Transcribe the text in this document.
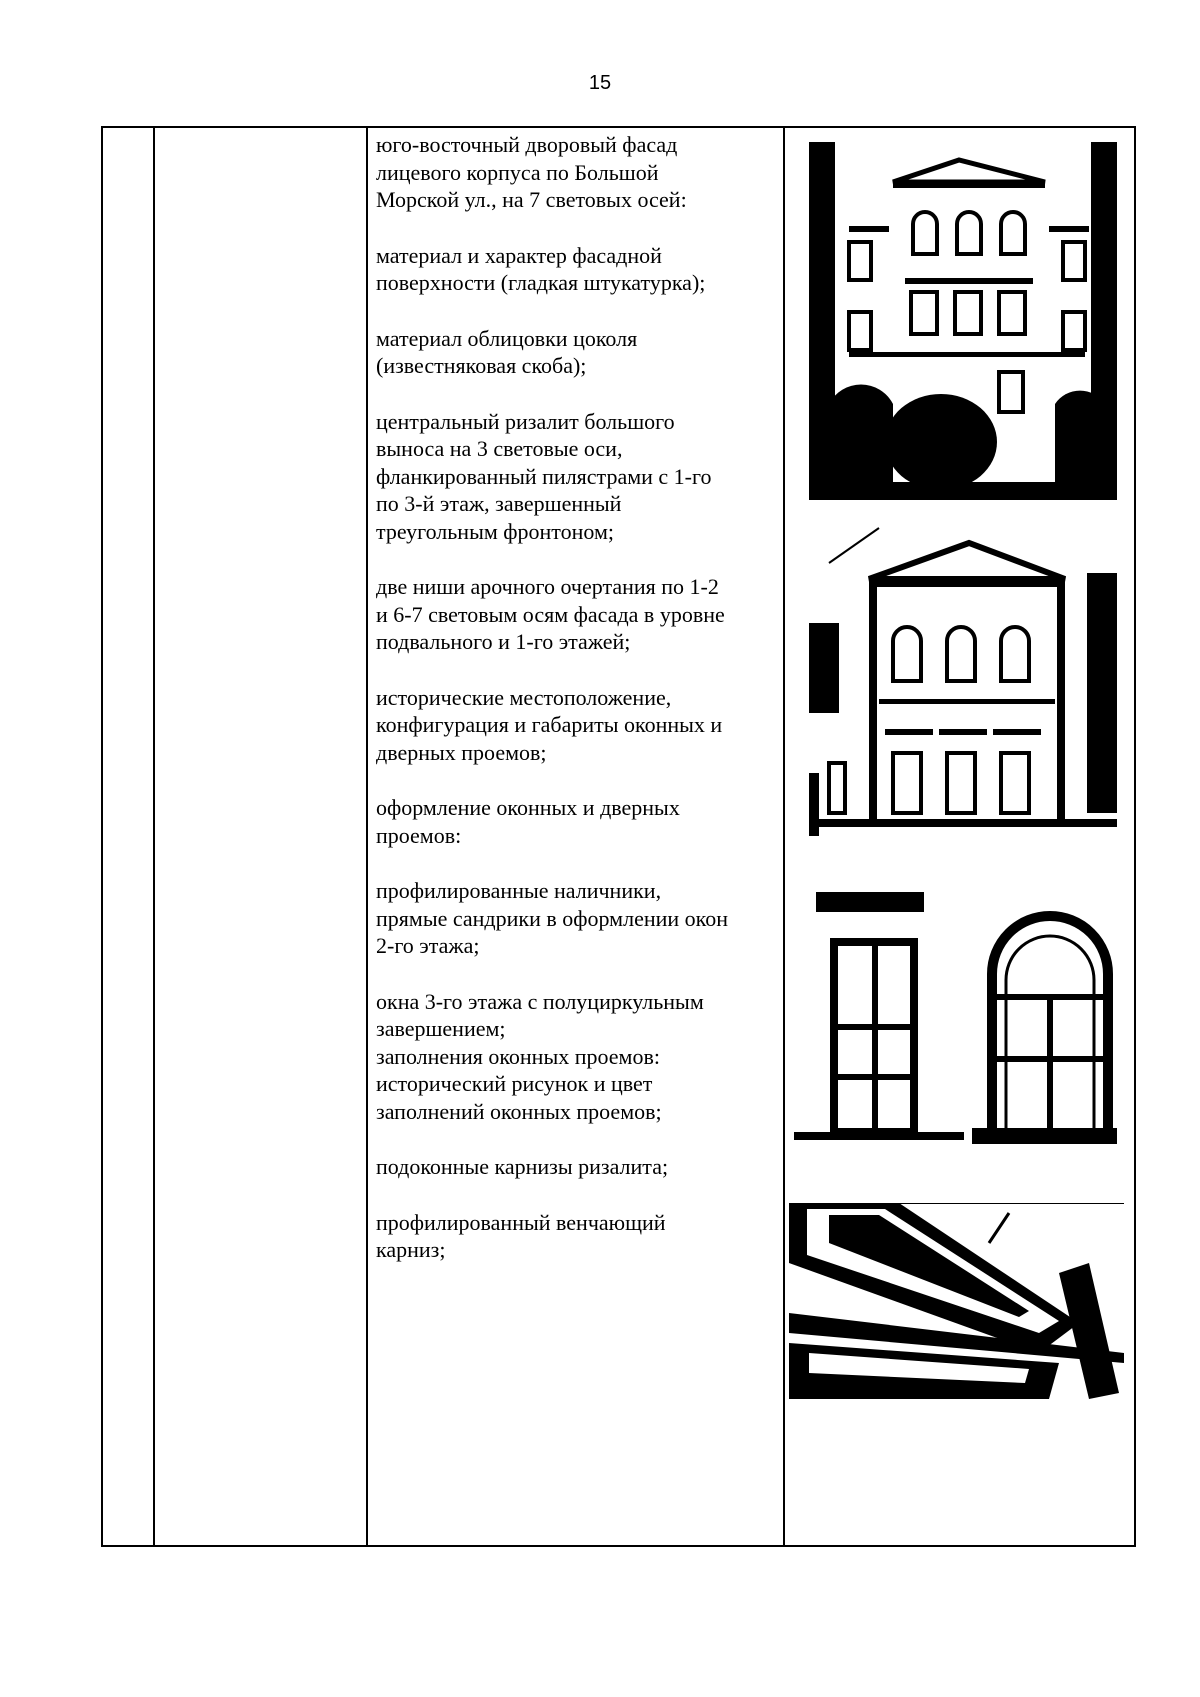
15

юго-восточный дворовый фасад
лицевого корпуса по Большой
Морской ул., на 7 световых осей:

материал и характер фасадной
поверхности (гладкая штукатурка);

материал облицовки цоколя
(известняковая скоба);

центральный ризалит большого
выноса на 3 световые оси,
фланкированный пилястрами с 1-го
по 3-й этаж, завершенный
треугольным фронтоном;

две ниши арочного очертания по 1-2
и 6-7 световым осям фасада в уровне
подвального и 1-го этажей;

исторические местоположение,
конфигурация и габариты оконных и
дверных проемов;

оформление оконных и дверных
проемов:

профилированные наличники,
прямые сандрики в оформлении окон
2-го этажа;

окна 3-го этажа с полуциркульным
завершением;

заполнения оконных проемов:
исторический рисунок и цвет
заполнений оконных проемов;

подоконные карнизы ризалита;

профилированный венчающий
карниз;
